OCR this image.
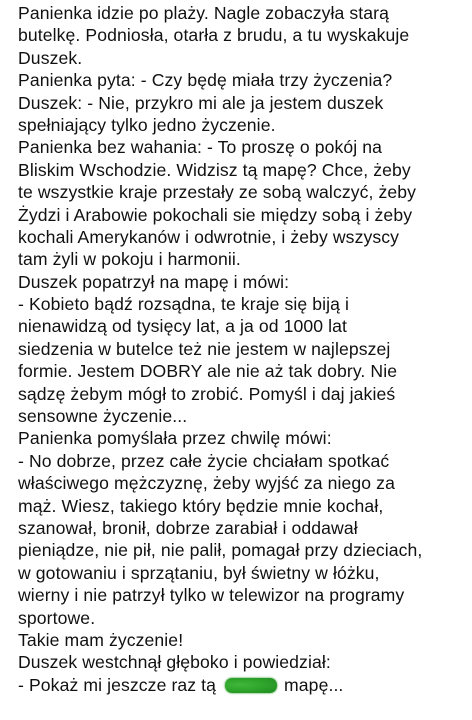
Panienka idzie po plaży. Nagle zobaczyła starą
butelkę. Podniosła, otarła z brudu, a tu wyskakuje
Duszek.
Panienka pyta: - Czy będę miała trzy życzenia?
Duszek: - Nie, przykro mi ale ja jestem duszek
spełniający tylko jedno życzenie.
Panienka bez wahania: - To proszę o pokój na
Bliskim Wschodzie. Widzisz tą mapę? Chce, żeby
te wszystkie kraje przestały ze sobą walczyć, żeby
Żydzi i Arabowie pokochali sie między sobą i żeby
kochali Amerykanów i odwrotnie, i żeby wszyscy
tam żyli w pokoju i harmonii.
Duszek popatrzył na mapę i mówi:
- Kobieto bądź rozsądna, te kraje się biją i
nienawidzą od tysięcy lat, a ja od 1000 lat
siedzenia w butelce też nie jestem w najlepszej
formie. Jestem DOBRY ale nie aż tak dobry. Nie
sądzę żebym mógł to zrobić. Pomyśl i daj jakieś
sensowne życzenie...
Panienka pomyślała przez chwilę mówi:
- No dobrze, przez całe życie chciałam spotkać
właściwego mężczyznę, żeby wyjść za niego za
mąż. Wiesz, takiego który będzie mnie kochał,
szanował, bronił, dobrze zarabiał i oddawał
pieniądze, nie pił, nie palił, pomagał przy dzieciach,
w gotowaniu i sprzątaniu, był świetny w łóżku,
wierny i nie patrzył tylko w telewizor na programy
sportowe.
Takie mam życzenie!
Duszek westchnął głęboko i powiedział:
- Pokaż mi jeszcze raz tą	mapę...
